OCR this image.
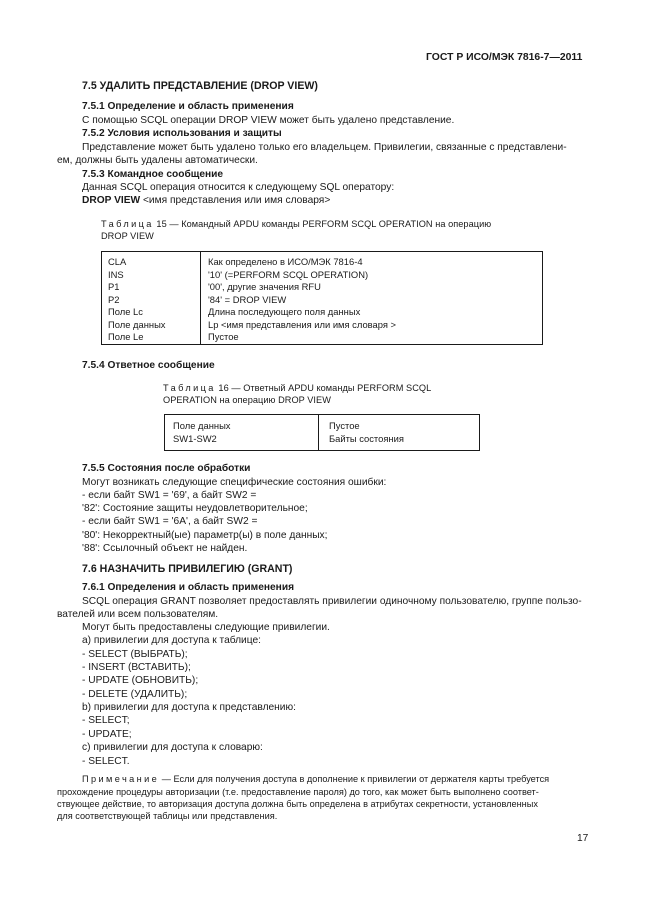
ГОСТ Р ИСО/МЭК 7816-7—2011
7.5 УДАЛИТЬ ПРЕДСТАВЛЕНИЕ (DROP VIEW)
7.5.1 Определение и область применения
С помощью SCQL операции DROP VIEW может быть удалено представление.
7.5.2 Условия использования и защиты
Представление может быть удалено только его владельцем. Привилегии, связанные с представлени-
ем, должны быть удалены автоматически.
7.5.3 Командное сообщение
Данная SCQL операция относится к следующему SQL оператору:
DROP VIEW <имя представления или имя словаря>
Таблица 15 — Командный APDU команды PERFORM SCQL OPERATION на операцию
DROP VIEW
CLA
INS
P1
P2
Поле Lc
Поле данных
Поле Le
Как определено в ИСО/МЭК 7816-4
'10' (=PERFORM SCQL OPERATION)
'00', другие значения RFU
'84' = DROP VIEW
Длина последующего поля данных
Lp <имя представления или имя словаря >
Пустое
7.5.4 Ответное сообщение
Таблица 16 — Ответный APDU команды PERFORM SCQL
OPERATION на операцию DROP VIEW
Поле данных
SW1-SW2
Пустое
Байты состояния
7.5.5 Состояния после обработки
Могут возникать следующие специфические состояния ошибки:
- если байт SW1 = '69', а байт SW2 =
'82': Состояние защиты неудовлетворительное;
- если байт SW1 = '6A', а байт SW2 =
'80': Некорректный(ые) параметр(ы) в поле данных;
'88': Ссылочный объект не найден.
7.6 НАЗНАЧИТЬ ПРИВИЛЕГИЮ (GRANT)
7.6.1 Определения и область применения
SCQL операция GRANT позволяет предоставлять привилегии одиночному пользователю, группе пользо-
вателей или всем пользователям.
Могут быть предоставлены следующие привилегии.
a) привилегии для доступа к таблице:
- SELECT (ВЫБРАТЬ);
- INSERT (ВСТАВИТЬ);
- UPDATE (ОБНОВИТЬ);
- DELETE (УДАЛИТЬ);
b) привилегии для доступа к представлению:
- SELECT;
- UPDATE;
c) привилегии для доступа к словарю:
- SELECT.
Примечание — Если для получения доступа в дополнение к привилегии от держателя карты требуется
прохождение процедуры авторизации (т.е. предоставление пароля) до того, как может быть выполнено соответ-
ствующее действие, то авторизация доступа должна быть определена в атрибутах секретности, установленных
для соответствующей таблицы или представления.
17
